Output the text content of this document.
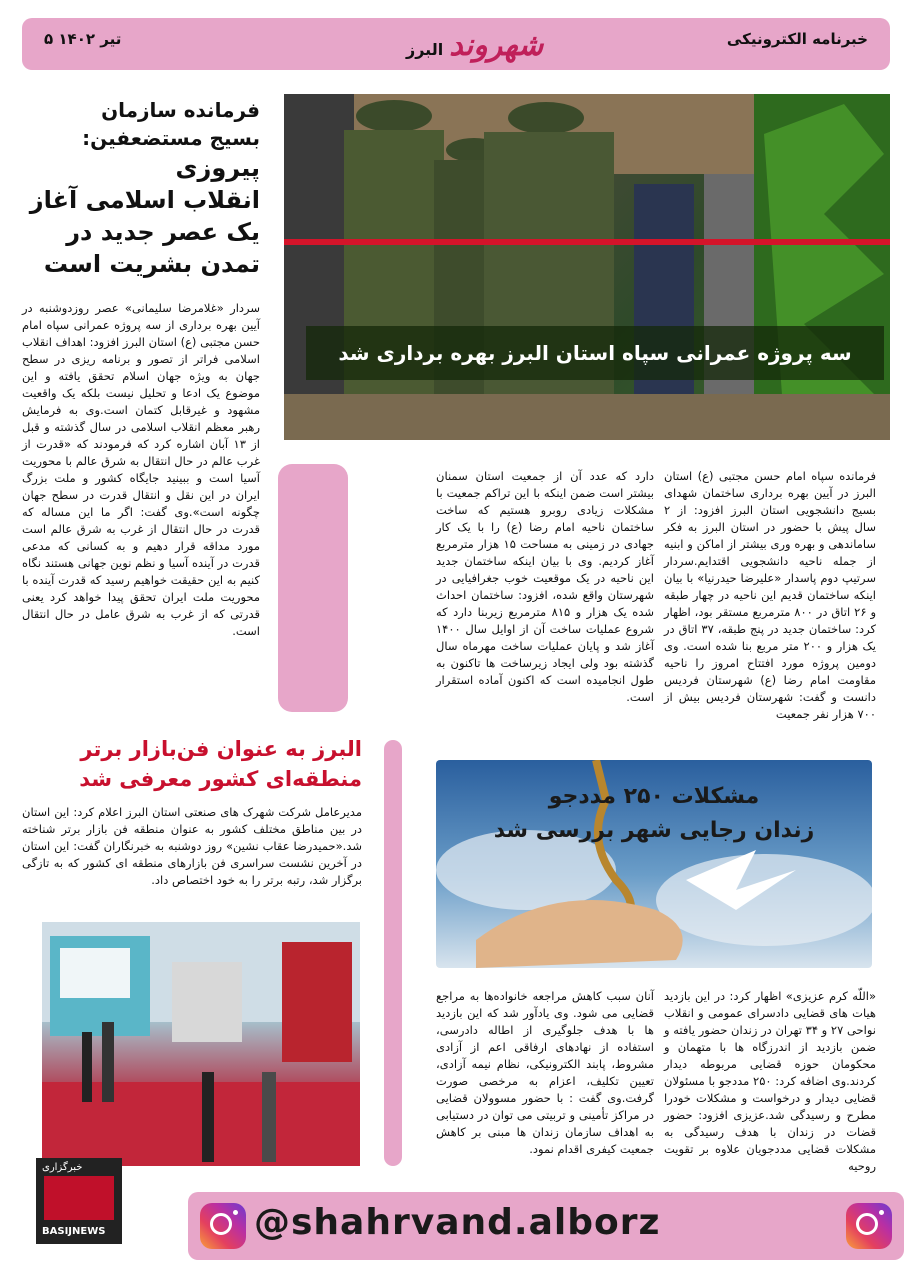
۵ تیر ۱۴۰۲	شهروندالبرز
خبرنامه الکترونیکی
سه پروژه عمرانی سپاه استان البرز بهره برداری شد
فرمانده سازمان
بسیج مستضعفین:
پیروزی
انقلاب اسلامی آغاز
یک عصر جدید در
تمدن بشریت است
سردار «غلامرضا سلیمانی» عصر روزدوشنبه در آیین بهره برداری از سه پروژه عمرانی سپاه امام حسن مجتبی (ع) استان البرز افزود: اهداف انقلاب اسلامی فراتر از تصور و برنامه ریزی در سطح جهان به ویژه جهان اسلام تحقق یافته و این موضوع یک ادعا و تحلیل نیست بلکه یک واقعیت مشهود و غیرقابل کتمان است.وی به فرمایش رهبر معظم انقلاب اسلامی در سال گذشته و قبل از ۱۳ آبان اشاره کرد که فرمودند که «قدرت از غرب عالم در حال انتقال به شرق عالم با محوریت آسیا است و ببینید جایگاه کشور و ملت بزرگ ایران در این نقل و انتقال قدرت در سطح جهان چگونه است».وی گفت: اگر ما این مساله که قدرت در حال انتقال از غرب به شرق عالم است مورد مداقه قرار دهیم و به کسانی که مدعی قدرت در آینده آسیا و نظم نوین جهانی هستند نگاه کنیم به این حقیقت خواهیم رسید که قدرت آینده با محوریت ملت ایران تحقق پیدا خواهد کرد یعنی قدرتی که از غرب به شرق عامل در حال انتقال است.
فرمانده سپاه امام حسن مجتبی (ع) استان البرز در آیین بهره برداری ساختمان شهدای بسیج دانشجویی استان البرز افزود: از ۲ سال پیش با حضور در استان البرز به فکر ساماندهی و بهره وری بیشتر از اماکن و ابنیه از جمله ناحیه دانشجویی اقتدایم.سردار سرتیپ دوم پاسدار «علیرضا حیدرنیا» با بیان اینکه ساختمان قدیم این ناحیه در چهار طبقه و ۲۶ اتاق در ۸۰۰ مترمربع مستقر بود، اظهار کرد: ساختمان جدید در پنج طبقه، ۳۷ اتاق در یک هزار و ۲۰۰ متر مربع بنا شده است. وی دومین پروژه مورد افتتاح امروز را ناحیه مقاومت امام رضا (ع) شهرستان فردیس دانست و گفت: شهرستان فردیس بیش از ۷۰۰ هزار نفر جمعیت
دارد که عدد آن از جمعیت استان سمنان بیشتر است ضمن اینکه با این تراکم جمعیت با مشکلات زیادی روبرو هستیم که ساخت ساختمان ناحیه امام رضا (ع) را با یک کار جهادی در زمینی به مساحت ۱۵ هزار مترمربع آغاز کردیم. وی با بیان اینکه ساختمان جدید این ناحیه در یک موقعیت خوب جغرافیایی در شهرستان واقع شده، افزود: ساختمان احداث شده یک هزار و ۸۱۵ مترمربع زیربنا دارد که شروع عملیات ساخت آن از اوایل سال ۱۴۰۰ آغاز شد و پایان عملیات ساخت مهرماه سال گذشته بود ولی ایجاد زیرساخت ها تاکنون به طول انجامیده است که اکنون آماده استقرار است.
البرز به عنوان فن‌بازار برتر
منطقه‌ای کشور معرفی شد
مدیرعامل شرکت شهرک های صنعتی استان البرز اعلام کرد: این استان در بین مناطق مختلف کشور به عنوان منطقه فن بازار برتر شناخته شد.«حمیدرضا عقاب نشین» روز دوشنبه به خبرنگاران گفت: این استان در آخرین نشست سراسری فن بازارهای منطقه ای کشور که به تازگی برگزار شد، رتبه برتر را به خود اختصاص داد.
مشکلات ۲۵۰ مددجو
زندان رجایی شهر بررسی شد
«اللّه کرم عزیزی» اظهار کرد: در این بازدید هیات های قضایی دادسرای عمومی و انقلاب نواحی ۲۷ و ۳۴ تهران در زندان حضور یافته و ضمن بازدید از اندرزگاه ها با متهمان و محکومان حوزه قضایی مربوطه دیدار کردند.وی اضافه کرد: ۲۵۰ مددجو با مسئولان قضایی دیدار و درخواست و مشکلات خودرا مطرح و رسیدگی شد.عزیزی افزود: حضور قضات در زندان با هدف رسیدگی به مشکلات قضایی مددجویان علاوه بر تقویت روحیه
آنان سبب کاهش مراجعه خانواده‌ها به مراجع قضایی می شود. وی یادآور شد که این بازدید ها با هدف جلوگیری از اطاله دادرسی، استفاده از نهادهای ارفاقی اعم از آزادی مشروط، پابند الکترونیکی، نظام نیمه آزادی، تعیین تکلیف، اعزام به مرخصی صورت گرفت.وی گفت : با حضور مسوولان قضایی در مراکز تأمینی و تربیتی می توان در دستیابی به اهداف سازمان زندان ها مبنی بر کاهش جمعیت کیفری اقدام نمود.
@shahrvand.alborz
خبرگزاری
BASIJNEWS
